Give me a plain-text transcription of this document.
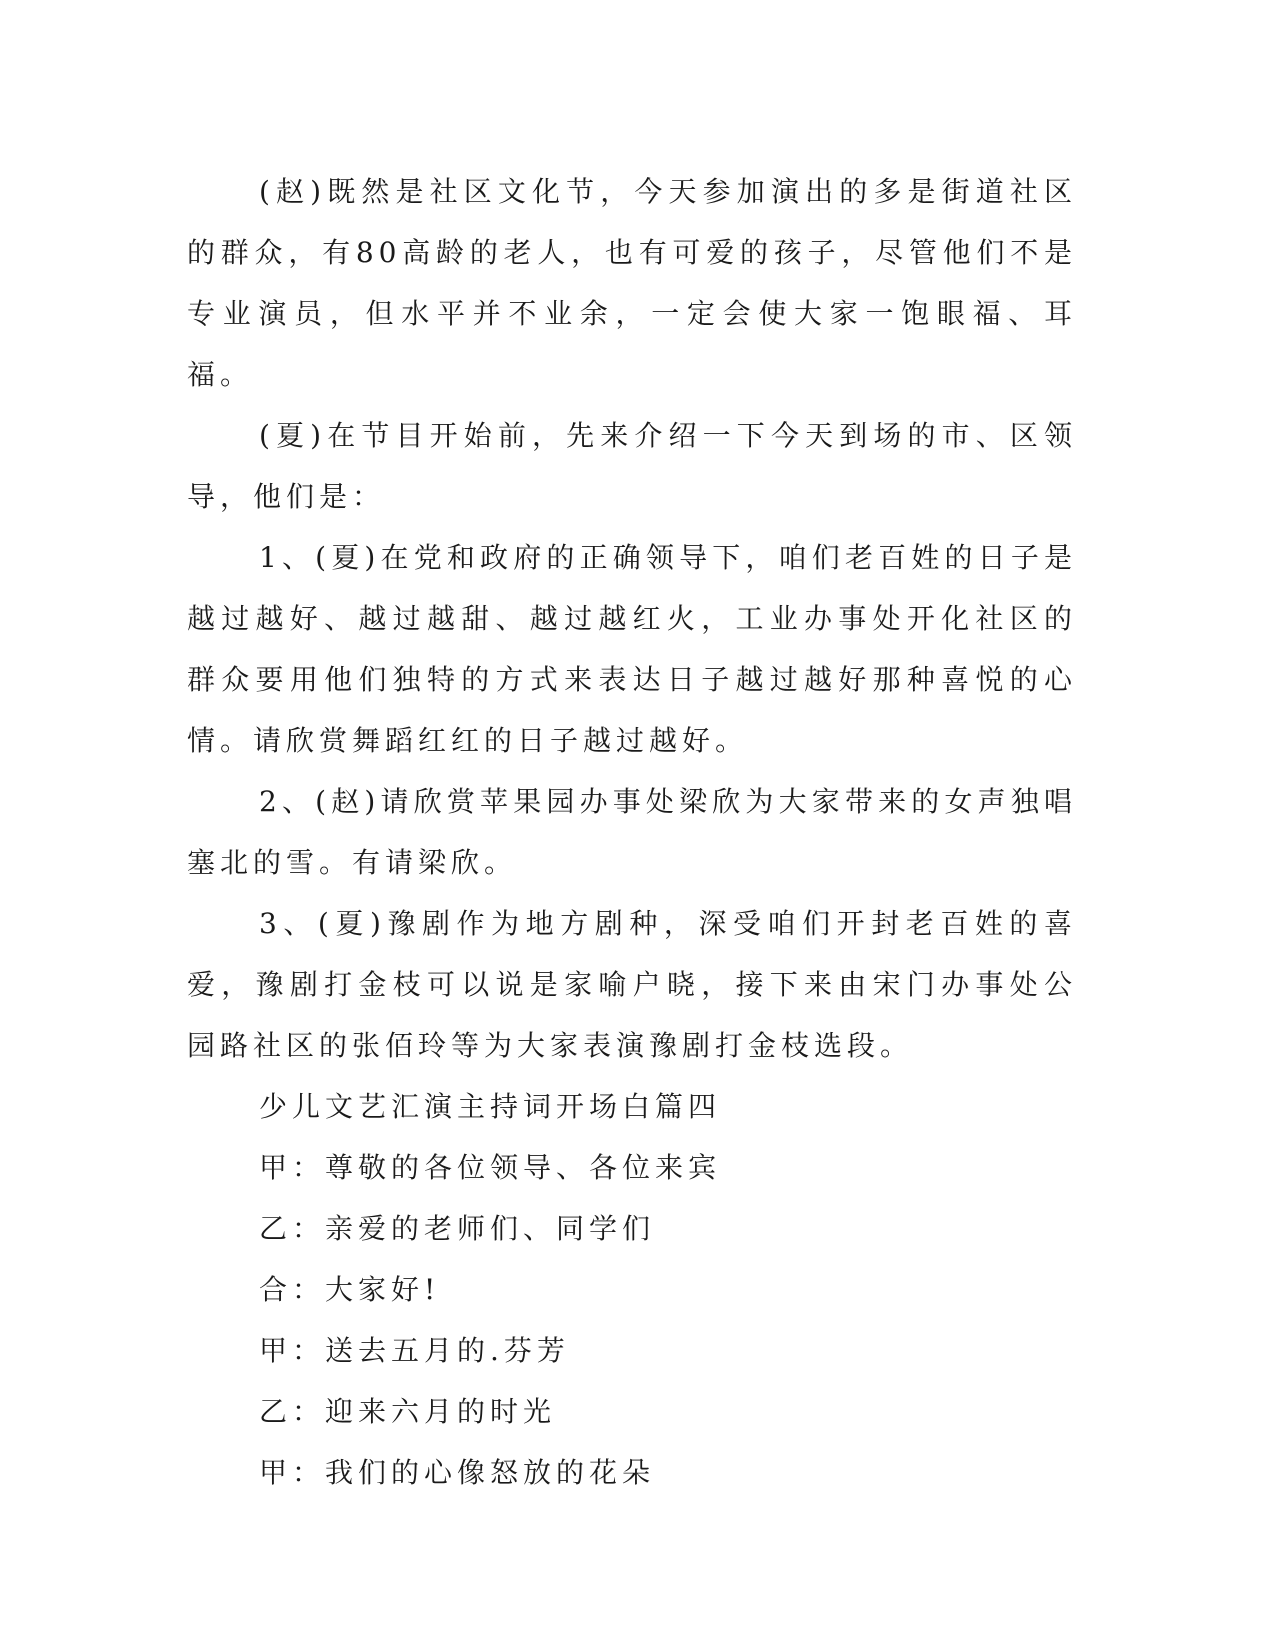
(赵)既然是社区文化节，今天参加演出的多是街道社区的群众，有80高龄的老人，也有可爱的孩子，尽管他们不是专业演员，但水平并不业余，一定会使大家一饱眼福、耳福。

(夏)在节目开始前，先来介绍一下今天到场的市、区领导，他们是：

1、(夏)在党和政府的正确领导下，咱们老百姓的日子是越过越好、越过越甜、越过越红火，工业办事处开化社区的群众要用他们独特的方式来表达日子越过越好那种喜悦的心情。请欣赏舞蹈红红的日子越过越好。

2、(赵)请欣赏苹果园办事处梁欣为大家带来的女声独唱塞北的雪。有请梁欣。

3、(夏)豫剧作为地方剧种，深受咱们开封老百姓的喜爱，豫剧打金枝可以说是家喻户晓，接下来由宋门办事处公园路社区的张佰玲等为大家表演豫剧打金枝选段。

少儿文艺汇演主持词开场白篇四

甲：尊敬的各位领导、各位来宾

乙：亲爱的老师们、同学们

合：大家好!

甲：送去五月的.芬芳

乙：迎来六月的时光

甲：我们的心像怒放的花朵
